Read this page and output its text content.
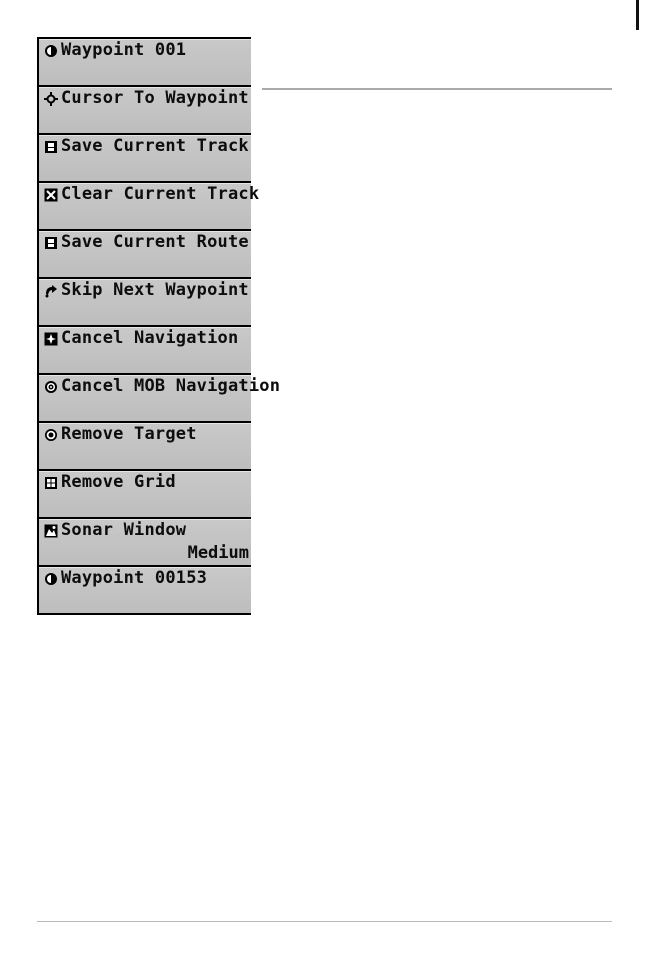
Waypoint 001
Cursor To Waypoint
Save Current Track
Clear Current Track
Save Current Route
Skip Next Waypoint
Cancel Navigation
Cancel MOB Navigation
Remove Target
Remove Grid
Sonar Window
Medium
Waypoint 00153
